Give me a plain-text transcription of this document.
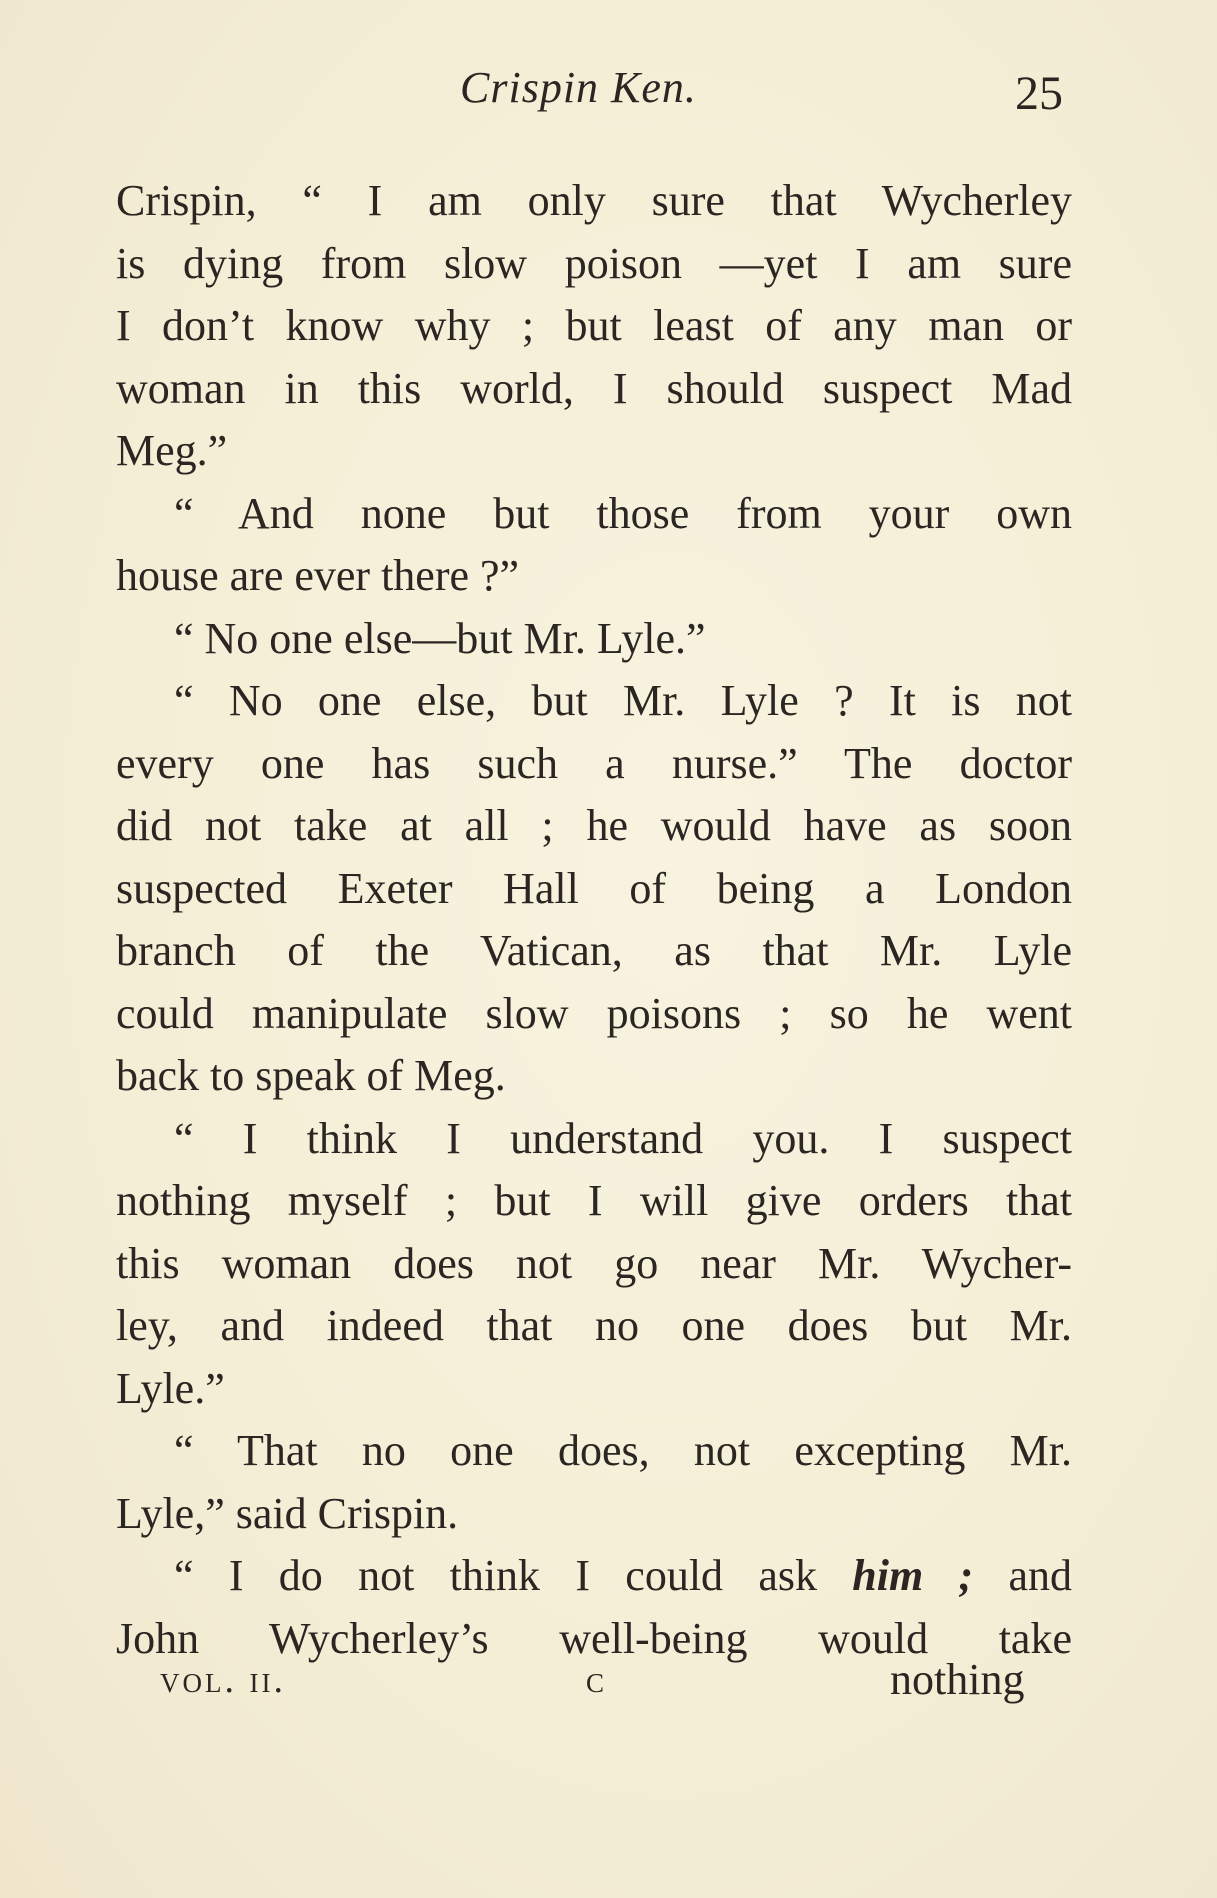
Crispin Ken.	25
Crispin, “ I am only sure that Wycherley
is dying from slow poison —yet I am sure
I don’t know why ; but least of any man or
woman in this world, I should suspect Mad
Meg.”
“ And none but those from your own
house are ever there ?”
“ No one else—but Mr. Lyle.”
“ No one else, but Mr. Lyle ? It is not
every one has such a nurse.” The doctor
did not take at all ; he would have as soon
suspected Exeter Hall of being a London
branch of the Vatican, as that Mr. Lyle
could manipulate slow poisons ; so he went
back to speak of Meg.
“ I think I understand you. I suspect
nothing myself ; but I will give orders that
this woman does not go near Mr. Wycher-
ley, and indeed that no one does but Mr.
Lyle.”
“ That no one does, not excepting Mr.
Lyle,” said Crispin.
“ I do not think I could ask him ; and
John Wycherley’s well-being would take
vol. ii.	c	nothing
